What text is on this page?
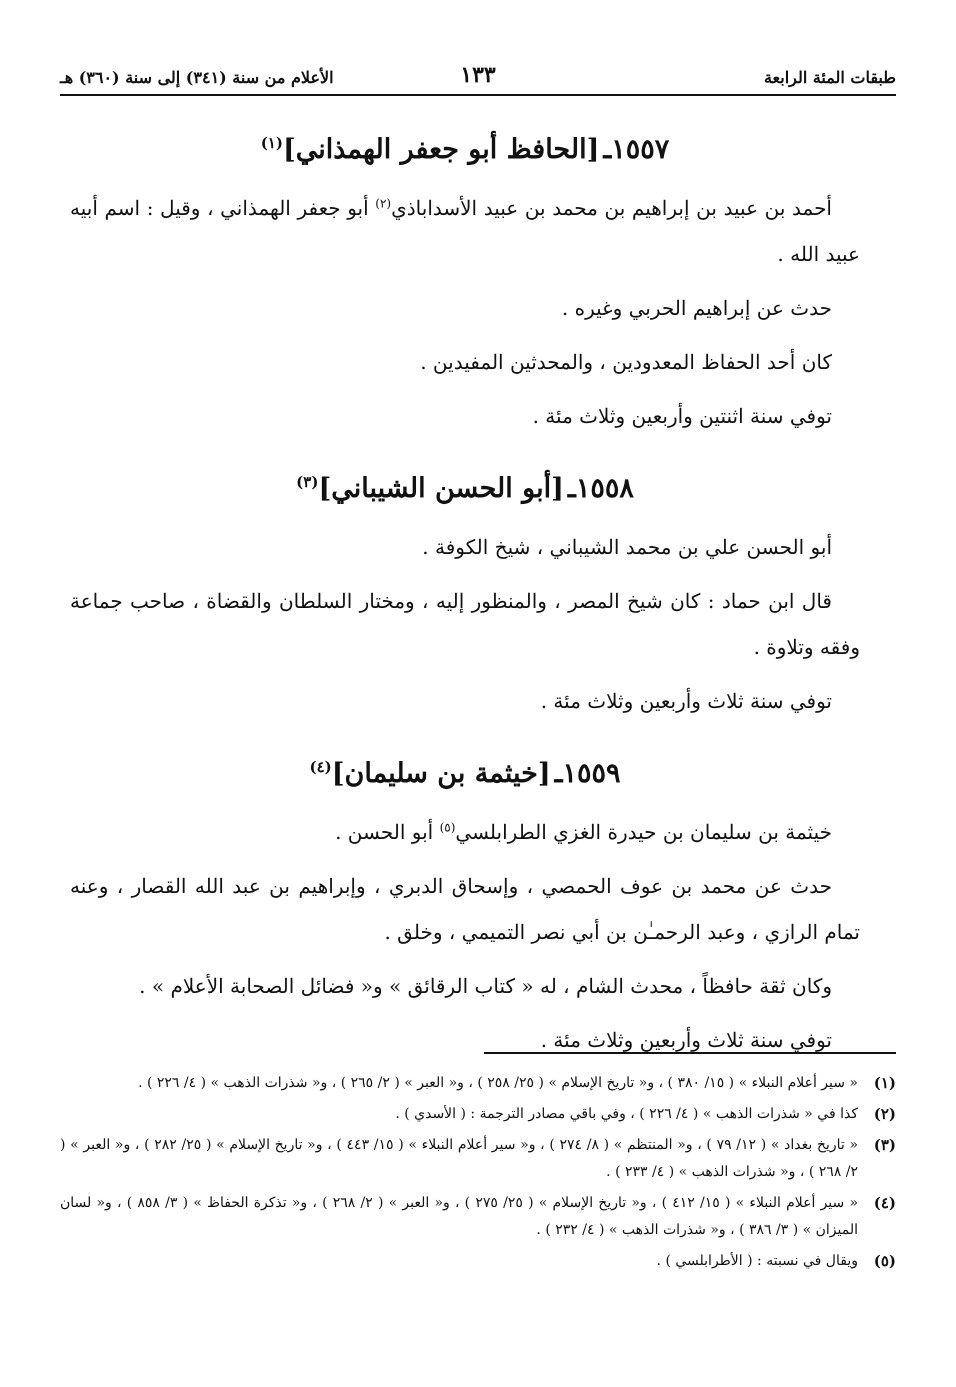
طبقات المئة الرابعة
١٣٣
الأعلام من سنة (٣٤١) إلى سنة (٣٦٠) هـ
١٥٥٧ـ[الحافظ أبو جعفر الهمذاني]$^{(١)}$

أحمد بن عبيد بن إبراهيم بن محمد بن عبيد الأسداباذي$^{(٢)}$ أبو جعفر الهمذاني ، وقيل : اسم أبيه عبيد الله .

حدث عن إبراهيم الحربي وغيره .

كان أحد الحفاظ المعدودين ، والمحدثين المفيدين .

توفي سنة اثنتين وأربعين وثلاث مئة .

١٥٥٨ـ[أبو الحسن الشيباني]$^{(٣)}$

أبو الحسن علي بن محمد الشيباني ، شيخ الكوفة .

قال ابن حماد : كان شيخ المصر ، والمنظور إليه ، ومختار السلطان والقضاة ، صاحب جماعة وفقه وتلاوة .

توفي سنة ثلاث وأربعين وثلاث مئة .

١٥٥٩ـ[خيثمة بن سليمان]$^{(٤)}$

خيثمة بن سليمان بن حيدرة الغزي الطرابلسي$^{(٥)}$ أبو الحسن .

حدث عن محمد بن عوف الحمصي ، وإسحاق الدبري ، وإبراهيم بن عبد الله القصار ، وعنه تمام الرازي ، وعبد الرحمـٰن بن أبي نصر التميمي ، وخلق .

وكان ثقة حافظاً ، محدث الشام ، له « كتاب الرقائق » و« فضائل الصحابة الأعلام » .

توفي سنة ثلاث وأربعين وثلاث مئة .

(١)
« سير أعلام النبلاء » ( ١٥/ ٣٨٠ ) ، و« تاريخ الإسلام » ( ٢٥/ ٢٥٨ ) ، و« العبر » ( ٢/ ٢٦٥ ) ، و« شذرات الذهب » ( ٤/ ٢٢٦ ) .
(٢)
كذا في « شذرات الذهب » ( ٤/ ٢٢٦ ) ، وفي باقي مصادر الترجمة : ( الأسدي ) .
(٣)
« تاريخ بغداد » ( ١٢/ ٧٩ ) ، و« المنتظم » ( ٨/ ٢٧٤ ) ، و« سير أعلام النبلاء » ( ١٥/ ٤٤٣ ) ، و« تاريخ الإسلام » ( ٢٥/ ٢٨٢ ) ، و« العبر » ( ٢/ ٢٦٨ ) ، و« شذرات الذهب » ( ٤/ ٢٣٣ ) .
(٤)
« سير أعلام النبلاء » ( ١٥/ ٤١٢ ) ، و« تاريخ الإسلام » ( ٢٥/ ٢٧٥ ) ، و« العبر » ( ٢/ ٢٦٨ ) ، و« تذكرة الحفاظ » ( ٣/ ٨٥٨ ) ، و« لسان الميزان » ( ٣/ ٣٨٦ ) ، و« شذرات الذهب » ( ٤/ ٢٣٢ ) .
(٥)
ويقال في نسبته : ( الأطرابلسي ) .
